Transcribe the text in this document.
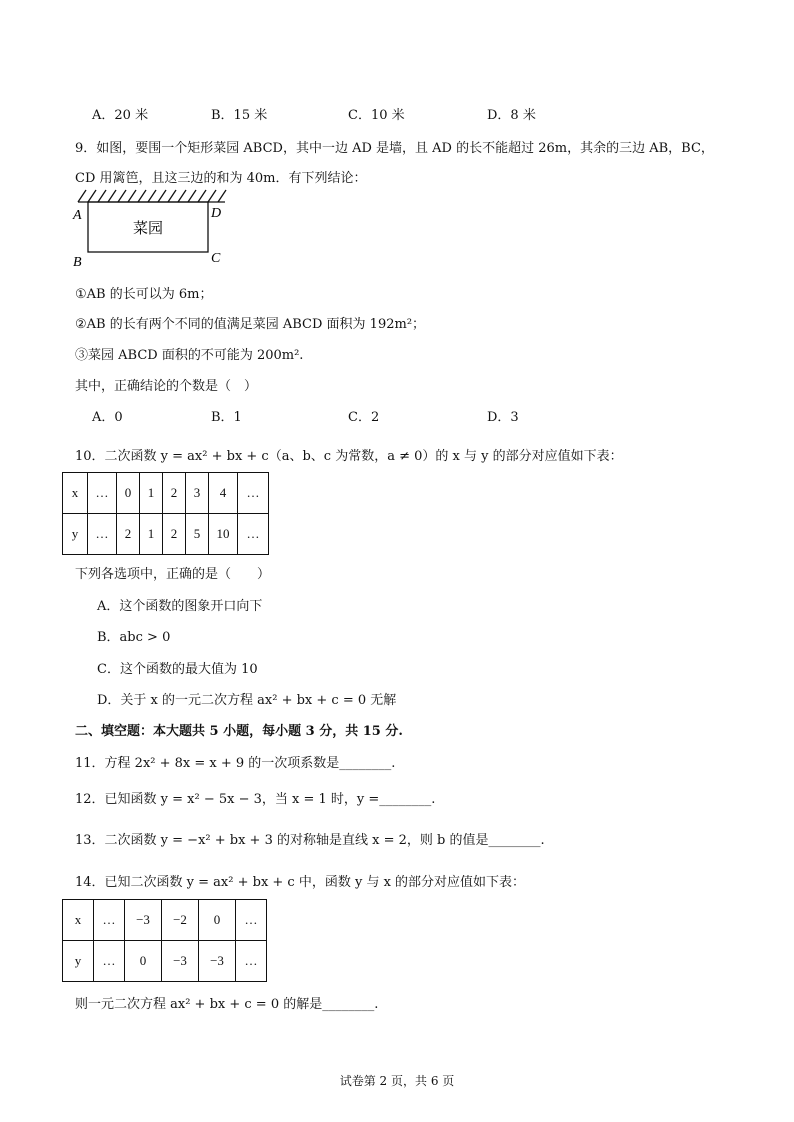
A．20 米	B．15 米	C．10 米	D．8 米
9．如图，要围一个矩形菜园 ABCD，其中一边 AD 是墙，且 AD 的长不能超过 26m，其余的三边 AB，BC，
CD 用篱笆，且这三边的和为 40m．有下列结论：
菜园
A	D
B	C
①AB 的长可以为 6m；
②AB 的长有两个不同的值满足菜园 ABCD 面积为 192m²；
③菜园 ABCD 面积的不可能为 200m².
其中，正确结论的个数是（　）
A．0	B．1	C．2	D．3
10．二次函数 y = ax² + bx + c（a、b、c 为常数，a ≠ 0）的 x 与 y 的部分对应值如下表：
x	…	0	1	2	3	4	…
y	…	2	1	2	5	10	…
下列各选项中，正确的是（　　）
A．这个函数的图象开口向下
B．abc > 0
C．这个函数的最大值为 10
D．关于 x 的一元二次方程 ax² + bx + c = 0 无解
二、填空题：本大题共 5 小题，每小题 3 分，共 15 分.
11．方程 2x² + 8x = x + 9 的一次项系数是________.
12．已知函数 y = x² − 5x − 3，当 x = 1 时，y =________.
13．二次函数 y = −x² + bx + 3 的对称轴是直线 x = 2，则 b 的值是________.
14．已知二次函数 y = ax² + bx + c 中，函数 y 与 x 的部分对应值如下表：
x	…	−3	−2	0	…
y	…	0	−3	−3	…
则一元二次方程 ax² + bx + c = 0 的解是________.
试卷第 2 页，共 6 页
